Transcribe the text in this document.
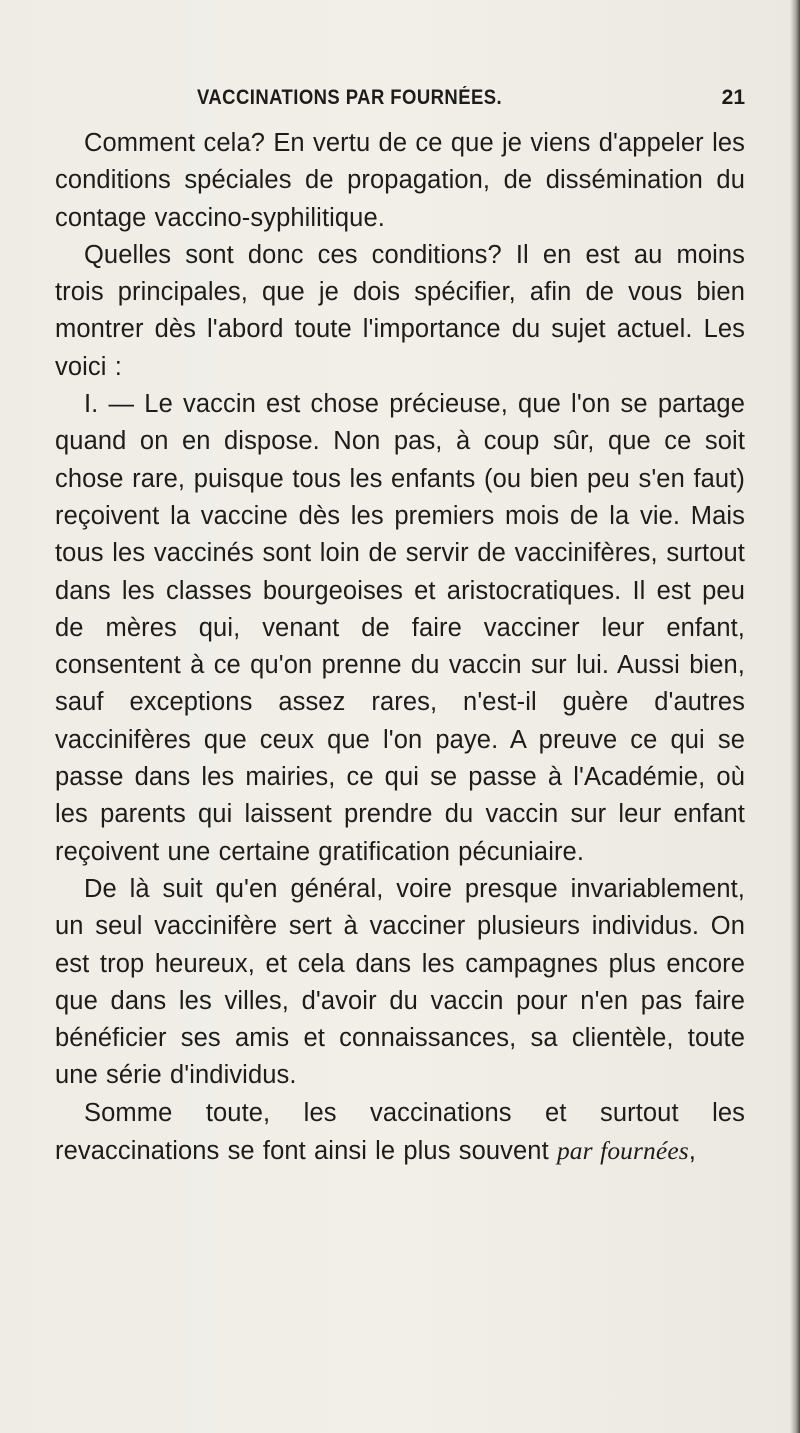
VACCINATIONS PAR FOURNÉES.	21

Comment cela? En vertu de ce que je viens d'appeler les conditions spéciales de propagation, de dissémination du contage vaccino-syphilitique.

Quelles sont donc ces conditions? Il en est au moins trois principales, que je dois spécifier, afin de vous bien montrer dès l'abord toute l'importance du sujet actuel. Les voici :

I. — Le vaccin est chose précieuse, que l'on se partage quand on en dispose. Non pas, à coup sûr, que ce soit chose rare, puisque tous les enfants (ou bien peu s'en faut) reçoivent la vaccine dès les premiers mois de la vie. Mais tous les vaccinés sont loin de servir de vaccinifères, surtout dans les classes bourgeoises et aristocratiques. Il est peu de mères qui, venant de faire vacciner leur enfant, consentent à ce qu'on prenne du vaccin sur lui. Aussi bien, sauf exceptions assez rares, n'est-il guère d'autres vaccinifères que ceux que l'on paye. A preuve ce qui se passe dans les mairies, ce qui se passe à l'Académie, où les parents qui laissent prendre du vaccin sur leur enfant reçoivent une certaine gratification pécuniaire.

De là suit qu'en général, voire presque invariablement, un seul vaccinifère sert à vacciner plusieurs individus. On est trop heureux, et cela dans les campagnes plus encore que dans les villes, d'avoir du vaccin pour n'en pas faire bénéficier ses amis et connaissances, sa clientèle, toute une série d'individus.

Somme toute, les vaccinations et surtout les revaccinations se font ainsi le plus souvent par fournées,
